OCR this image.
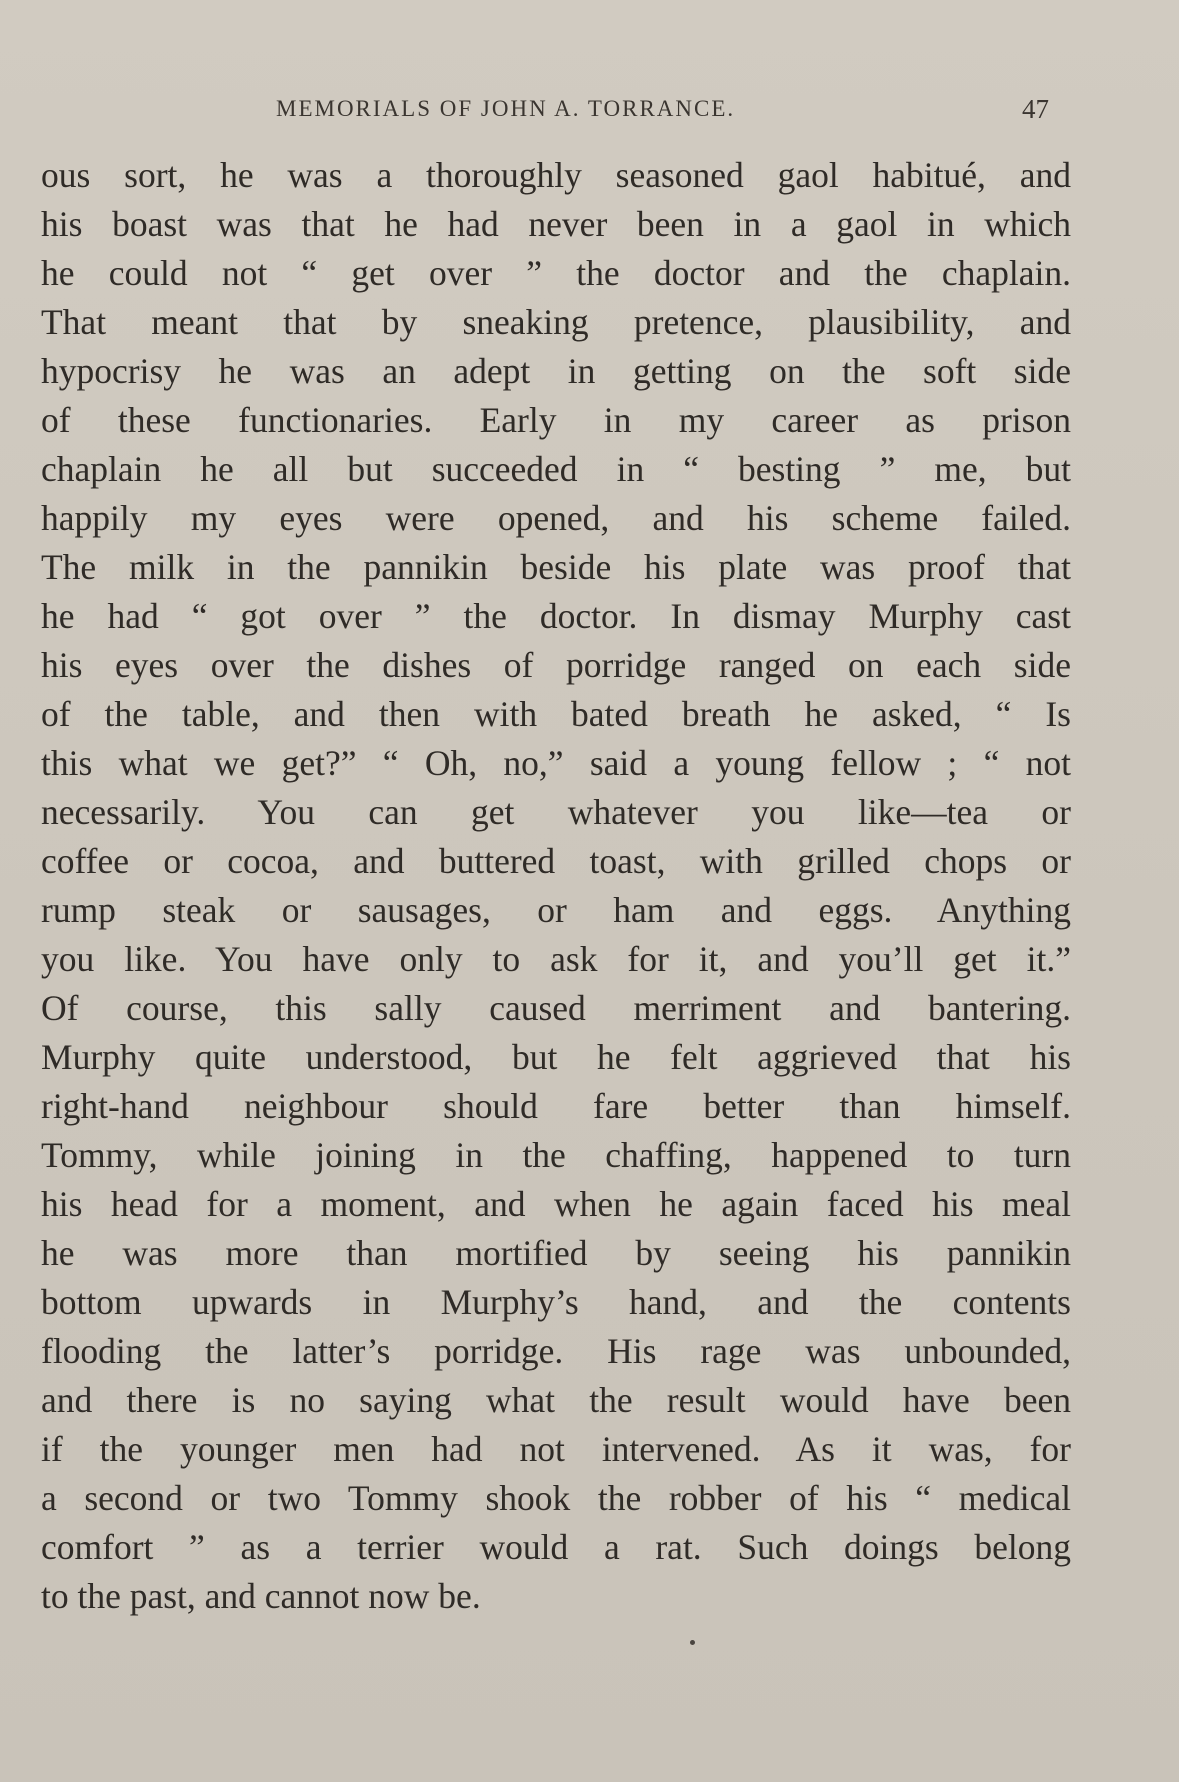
MEMORIALS OF JOHN A. TORRANCE.	47
ous sort, he was a thoroughly seasoned gaol habitué, and
his boast was that he had never been in a gaol in which
he could not “ get over ” the doctor and the chaplain.
That meant that by sneaking pretence, plausibility, and
hypocrisy he was an adept in getting on the soft side
of these functionaries. Early in my career as prison
chaplain he all but succeeded in “ besting ” me, but
happily my eyes were opened, and his scheme failed.
The milk in the pannikin beside his plate was proof that
he had “ got over ” the doctor. In dismay Murphy cast
his eyes over the dishes of porridge ranged on each side
of the table, and then with bated breath he asked, “ Is
this what we get?” “ Oh, no,” said a young fellow ; “ not
necessarily. You can get whatever you like—tea or
coffee or cocoa, and buttered toast, with grilled chops or
rump steak or sausages, or ham and eggs. Anything
you like. You have only to ask for it, and you’ll get it.”
Of course, this sally caused merriment and bantering.
Murphy quite understood, but he felt aggrieved that his
right-hand neighbour should fare better than himself.
Tommy, while joining in the chaffing, happened to turn
his head for a moment, and when he again faced his meal
he was more than mortified by seeing his pannikin
bottom upwards in Murphy’s hand, and the contents
flooding the latter’s porridge. His rage was unbounded,
and there is no saying what the result would have been
if the younger men had not intervened. As it was, for
a second or two Tommy shook the robber of his “ medical
comfort ” as a terrier would a rat. Such doings belong
to the past, and cannot now be.
